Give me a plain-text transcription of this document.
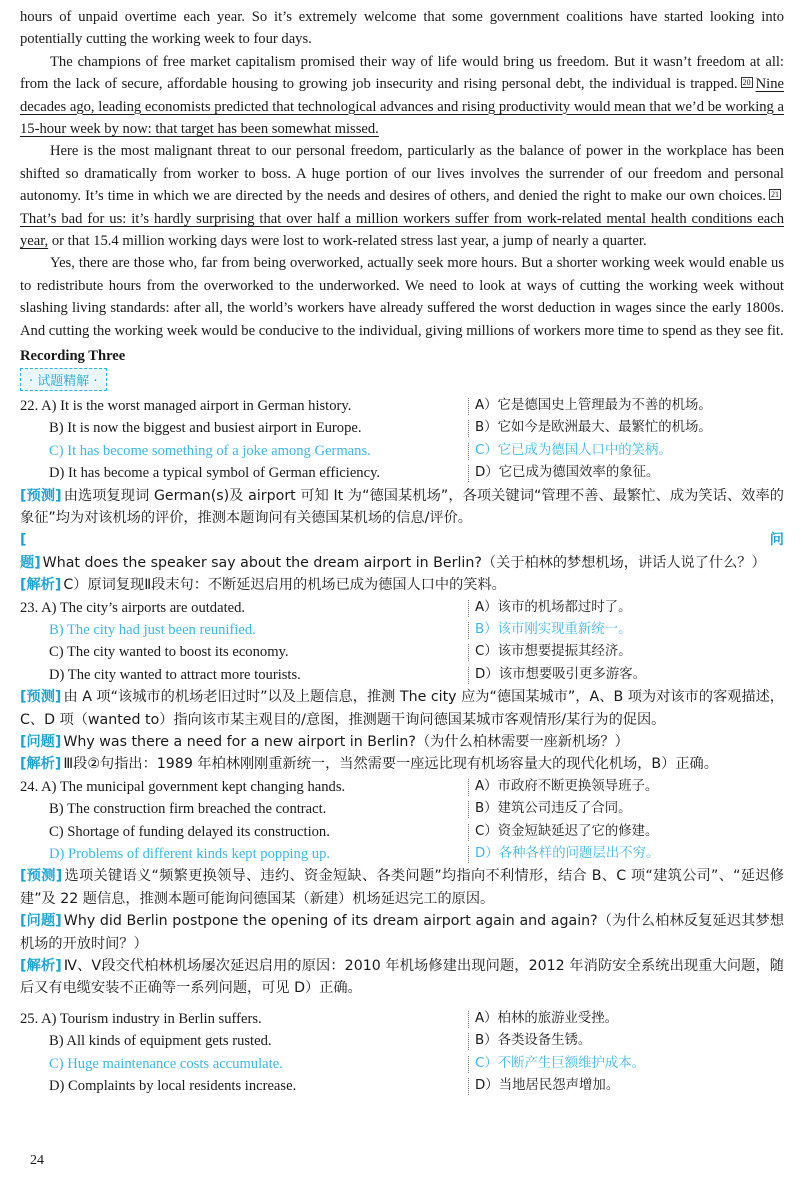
hours of unpaid overtime each year. So it’s extremely welcome that some government coalitions have started looking into potentially cutting the working week to four days.

The champions of free market capitalism promised their way of life would bring us freedom. But it wasn’t freedom at all: from the lack of secure, affordable housing to growing job insecurity and rising personal debt, the individual is trapped. 20 Nine decades ago, leading economists predicted that technological advances and rising productivity would mean that we’d be working a 15-hour week by now: that target has been somewhat missed.

Here is the most malignant threat to our personal freedom, particularly as the balance of power in the workplace has been shifted so dramatically from worker to boss. A huge portion of our lives involves the surrender of our freedom and personal autonomy. It’s time in which we are directed by the needs and desires of others, and denied the right to make our own choices. 21That’s bad for us: it’s hardly surprising that over half a million workers suffer from work-related mental health conditions each year, or that 15.4 million working days were lost to work-related stress last year, a jump of nearly a quarter.

Yes, there are those who, far from being overworked, actually seek more hours. But a shorter working week would enable us to redistribute hours from the overworked to the underworked. We need to look at ways of cutting the working week without slashing living standards: after all, the world’s workers have already suffered the worst deduction in wages since the early 1800s. And cutting the working week would be conducive to the individual, giving millions of workers more time to spend as they see fit.

Recording Three
· 试题精解 ·
22. A) It is the worst managed airport in German history.	A）它是德国史上管理最为不善的机场。
B) It is now the biggest and busiest airport in Europe.	B）它如今是欧洲最大、最繁忙的机场。
C) It has become something of a joke among Germans.	C）它已成为德国人口中的笑柄。
D) It has become a typical symbol of German efficiency.	D）它已成为德国效率的象征。

[预测] 由选项复现词 German(s)及 airport 可知 It 为“德国某机场”，各项关键词“管理不善、最繁忙、成为笑话、效率的象征”均为对该机场的评价，推测本题询问有关德国某机场的信息/评价。

[问题] What does the speaker say about the dream airport in Berlin?（关于柏林的梦想机场，讲话人说了什么？）

[解析] C）原词复现Ⅱ段末句：不断延迟启用的机场已成为德国人口中的笑料。

23. A) The city’s airports are outdated.	A）该市的机场都过时了。
B) The city had just been reunified.	B）该市刚实现重新统一。
C) The city wanted to boost its economy.	C）该市想要提振其经济。
D) The city wanted to attract more tourists.	D）该市想要吸引更多游客。

[预测] 由 A 项“该城市的机场老旧过时”以及上题信息，推测 The city 应为“德国某城市”，A、B 项为对该市的客观描述，C、D 项（wanted to）指向该市某主观目的/意图，推测题干询问德国某城市客观情形/某行为的促因。

[问题] Why was there a need for a new airport in Berlin?（为什么柏林需要一座新机场？）

[解析] Ⅲ段②句指出：1989 年柏林刚刚重新统一，当然需要一座远比现有机场容量大的现代化机场，B）正确。

24. A) The municipal government kept changing hands.	A）市政府不断更换领导班子。
B) The construction firm breached the contract.	B）建筑公司违反了合同。
C) Shortage of funding delayed its construction.	C）资金短缺延迟了它的修建。
D) Problems of different kinds kept popping up.	D）各种各样的问题层出不穷。

[预测] 选项关键语义“频繁更换领导、违约、资金短缺、各类问题”均指向不利情形，结合 B、C 项“建筑公司”、“延迟修建”及 22 题信息，推测本题可能询问德国某（新建）机场延迟完工的原因。

[问题] Why did Berlin postpone the opening of its dream airport again and again?（为什么柏林反复延迟其梦想机场的开放时间？）

[解析] Ⅳ、Ⅴ段交代柏林机场屡次延迟启用的原因：2010 年机场修建出现问题，2012 年消防安全系统出现重大问题，随后又有电缆安装不正确等一系列问题，可见 D）正确。

25. A) Tourism industry in Berlin suffers.	A）柏林的旅游业受挫。
B) All kinds of equipment gets rusted.	B）各类设备生锈。
C) Huge maintenance costs accumulate.	C）不断产生巨额维护成本。
D) Complaints by local residents increase.	D）当地居民怨声增加。
24
